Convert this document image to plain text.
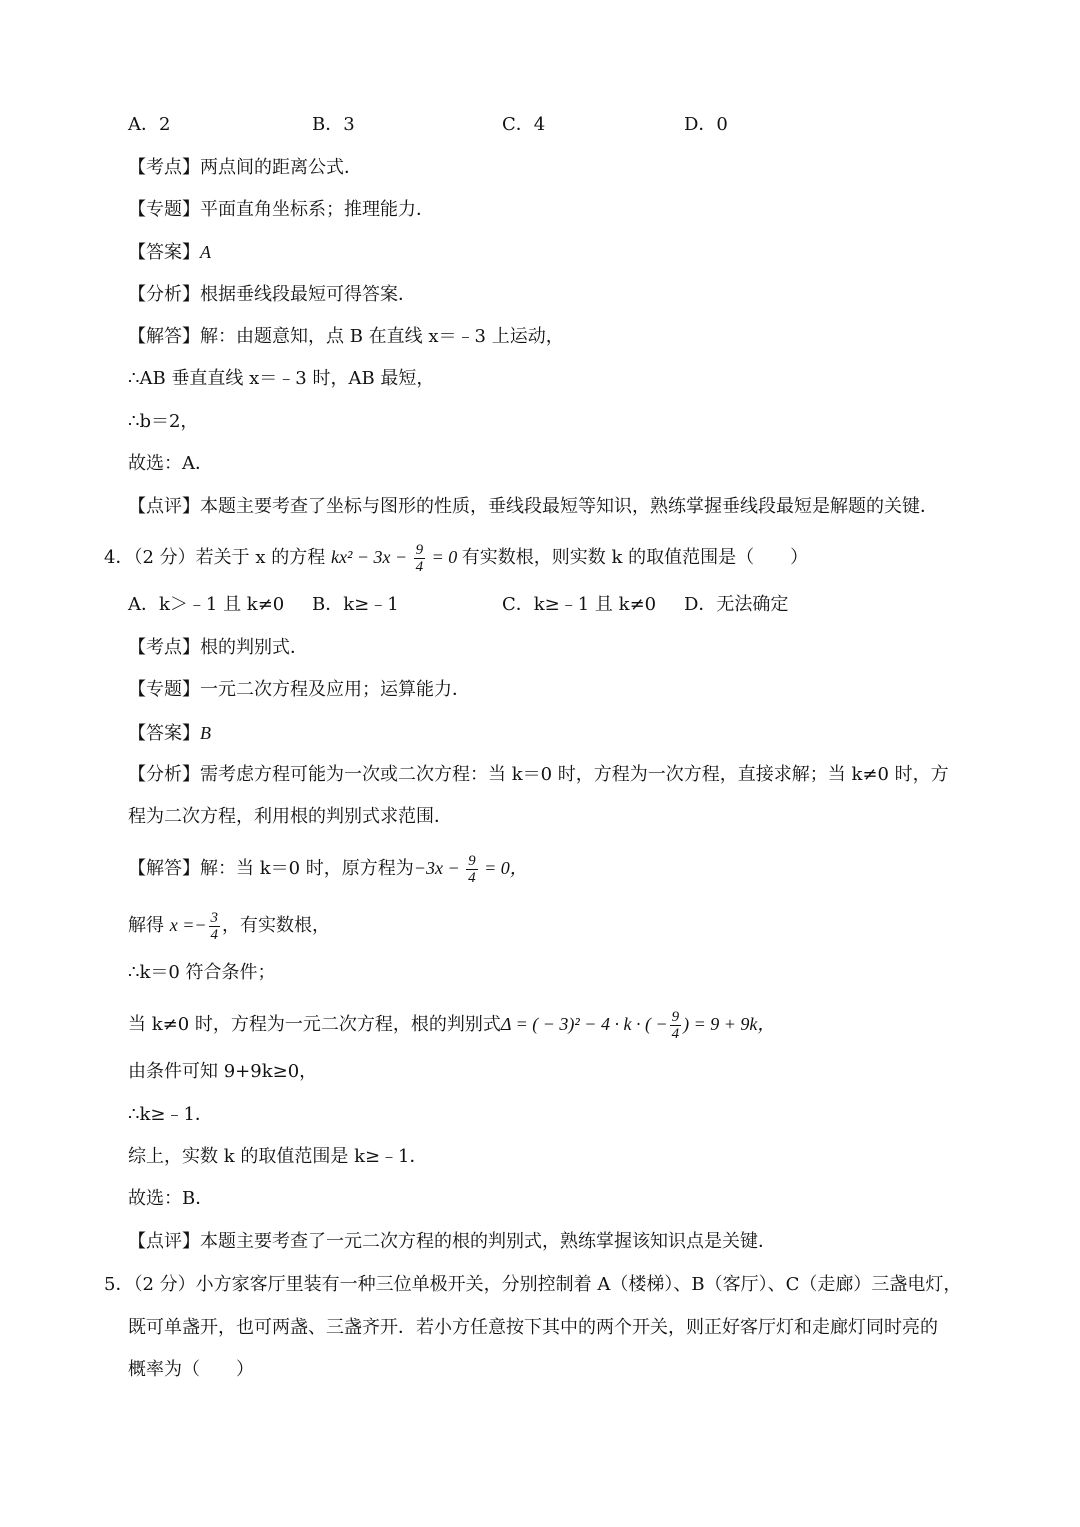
A．2	B．3	C．4	D．0
【考点】两点间的距离公式．
【专题】平面直角坐标系；推理能力．
【答案】A
【分析】根据垂线段最短可得答案．
【解答】解：由题意知，点 B 在直线 x＝﹣3 上运动，
∴AB 垂直直线 x＝﹣3 时，AB 最短，
∴b＝2，
故选：A．
【点评】本题主要考查了坐标与图形的性质，垂线段最短等知识，熟练掌握垂线段最短是解题的关键．
4．（2 分）若关于 x 的方程 $kx^2 - 3x - \frac{9}{4} = 0$ 有实数根，则实数 k 的取值范围是（　　）
A．k＞﹣1 且 k≠0 B．k≥﹣1	C．k≥﹣1 且 k≠0 D．无法确定
【考点】根的判别式．
【专题】一元二次方程及应用；运算能力．
【答案】B
【分析】需考虑方程可能为一次或二次方程：当 k＝0 时，方程为一次方程，直接求解；当 k≠0 时，方
程为二次方程，利用根的判别式求范围．
【解答】解：当 k＝0 时，原方程为$-3x - \frac{9}{4} = 0$，
解得 $x =- \frac{3}{4}$ ，有实数根，
∴k＝0 符合条件；
当 k≠0 时，方程为一元二次方程，根的判别式Δ = ( − 3)² − 4 · k · ( − $\frac{9}{4}$ ) = 9 + 9k，
由条件可知 9+9k≥0，
∴k≥﹣1．
综上，实数 k 的取值范围是 k≥﹣1．
故选：B．
【点评】本题主要考查了一元二次方程的根的判别式，熟练掌握该知识点是关键．
5．（2 分）小方家客厅里装有一种三位单极开关，分别控制着 A（楼梯）、B（客厅）、C（走廊）三盏电灯，
既可单盏开，也可两盏、三盏齐开．若小方任意按下其中的两个开关，则正好客厅灯和走廊灯同时亮的
概率为（　　）
